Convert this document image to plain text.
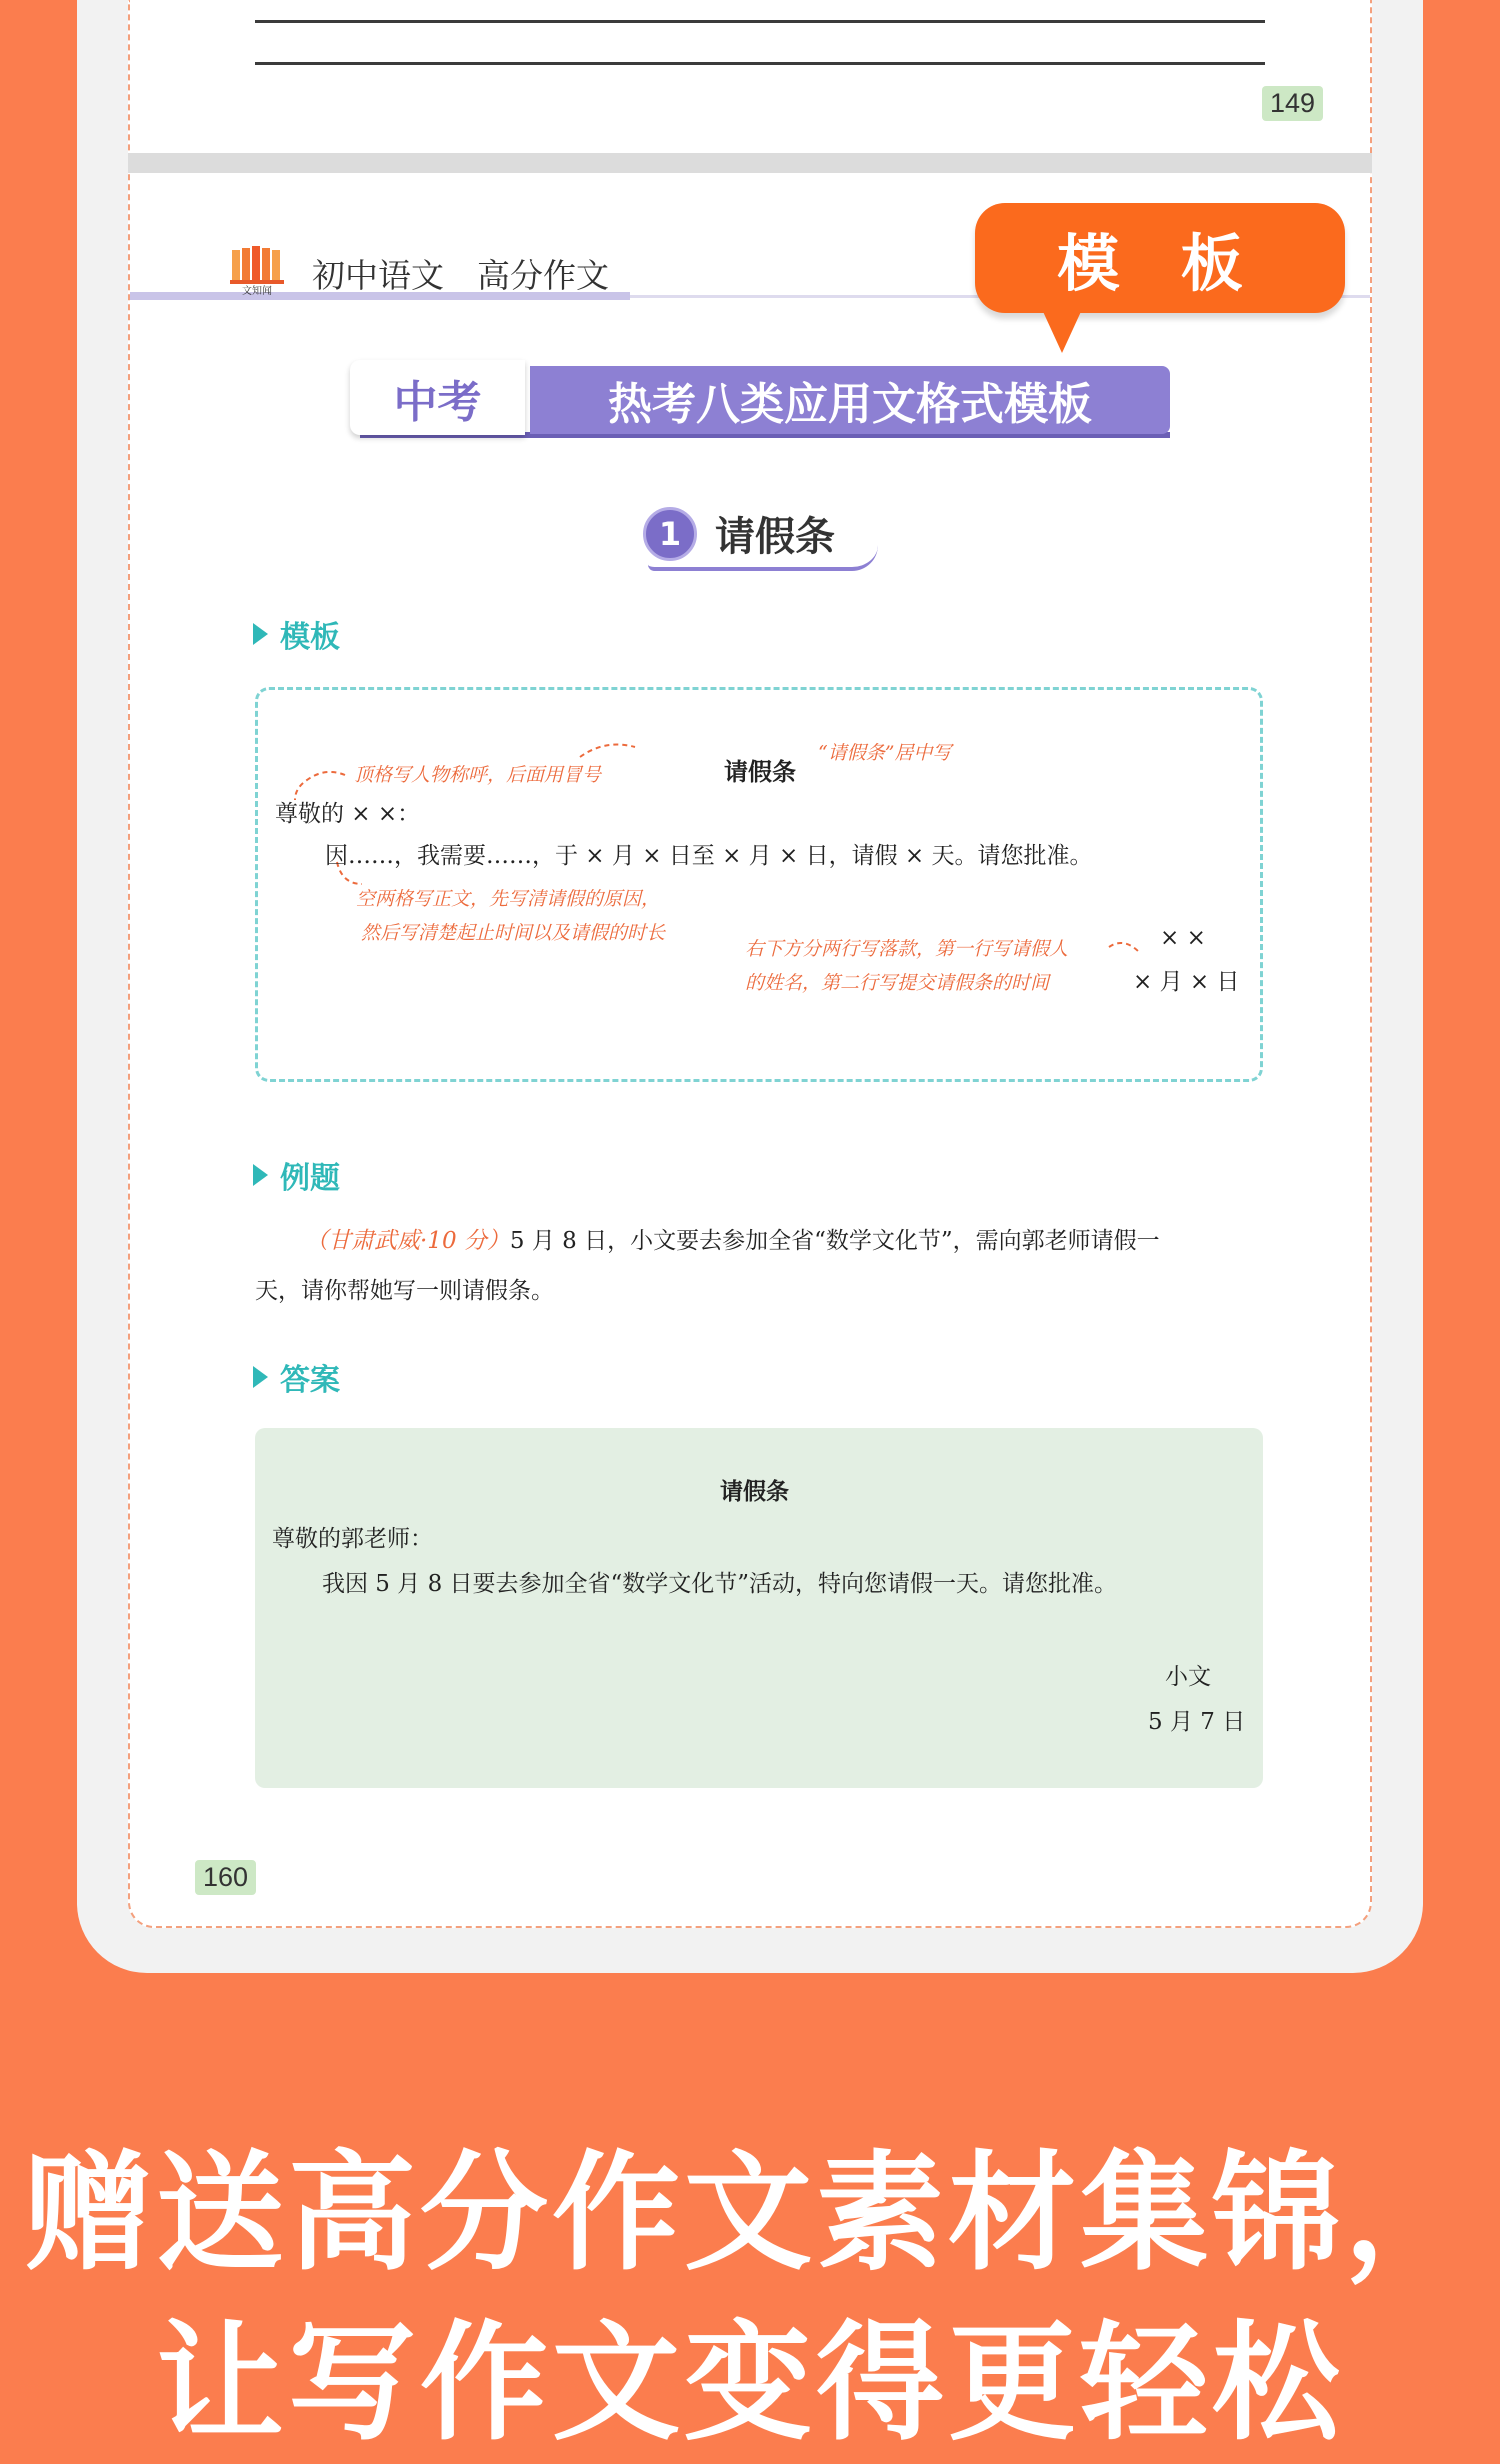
149
文知闻 初中语文　高分作文	模 板
热考八类应用文格式模板
中考
1 请假条
模板
请假条
“请假条”居中写
顶格写人物称呼，后面用冒号
尊敬的 × ×：
因……，我需要……，于 × 月 × 日至 × 月 × 日，请假 × 天。请您批准。
空两格写正文，先写清请假的原因，
然后写清楚起止时间以及请假的时长
右下方分两行写落款，第一行写请假人
的姓名，第二行写提交请假条的时间
× ×
× 月 × 日
例题
（甘肃武威·10 分）5 月 8 日，小文要去参加全省“数学文化节”，需向郭老师请假一
天，请你帮她写一则请假条。
答案
请假条
尊敬的郭老师：
我因 5 月 8 日要去参加全省“数学文化节”活动，特向您请假一天。请您批准。
小文
5 月 7 日
160
赠送高分作文素材集锦，
让写作文变得更轻松
